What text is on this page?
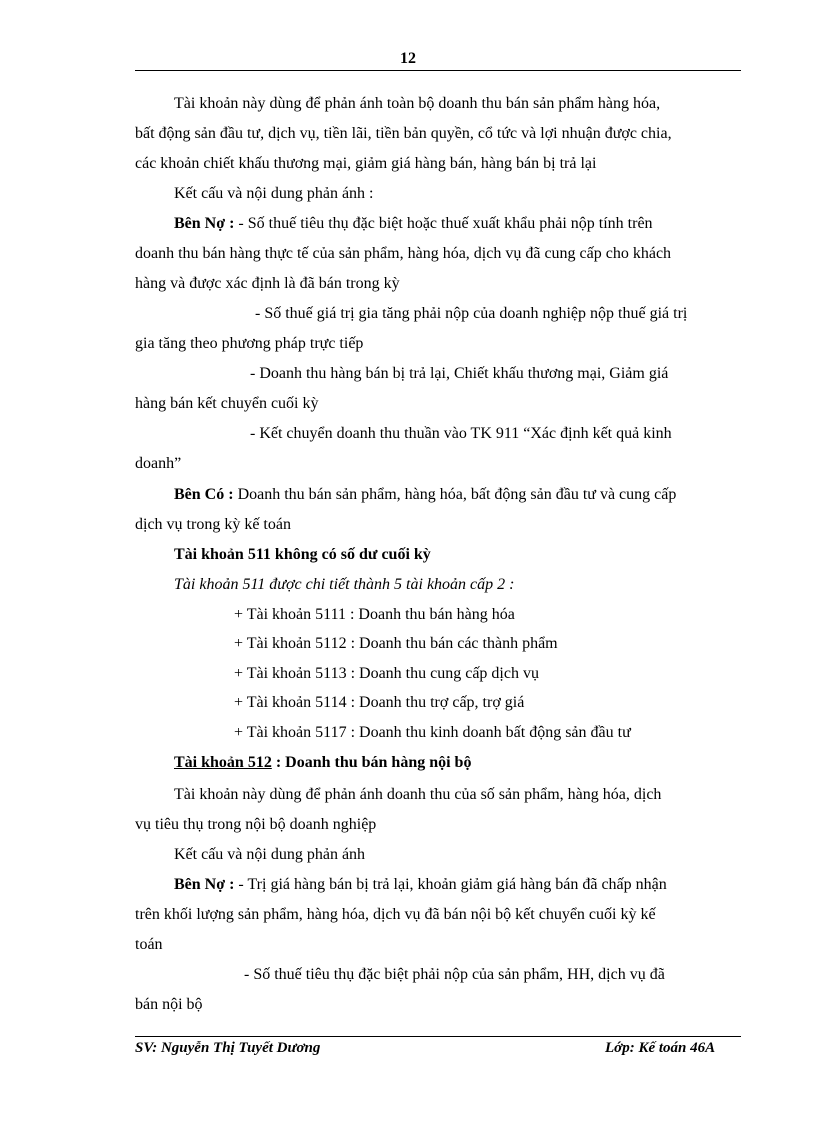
12
Tài khoản này dùng để phản ánh toàn bộ doanh thu bán sản phẩm hàng hóa,
bất động sản đầu tư, dịch vụ, tiền lãi, tiền bản quyền, cổ tức và lợi nhuận được chia,
các khoản chiết khấu thương mại, giảm giá hàng bán, hàng bán bị trả lại
Kết cấu và nội dung phản ánh :
Bên Nợ : - Số thuế tiêu thụ đặc biệt hoặc thuế xuất khẩu phải nộp tính trên
doanh thu bán hàng thực tế của sản phẩm, hàng hóa, dịch vụ đã cung cấp cho khách
hàng và được xác định là đã bán trong kỳ
- Số thuế giá trị gia tăng phải nộp của doanh nghiệp nộp thuế giá trị
gia tăng theo phương pháp trực tiếp
- Doanh thu hàng bán bị trả lại, Chiết khấu thương mại, Giảm giá
hàng bán kết chuyển cuối kỳ
- Kết chuyển doanh thu thuần vào TK 911 “Xác định kết quả kinh
doanh”
Bên Có : Doanh thu bán sản phẩm, hàng hóa, bất động sản đầu tư và cung cấp
dịch vụ trong kỳ kế toán
Tài khoản 511 không có số dư cuối kỳ
Tài khoản 511 được chi tiết thành 5 tài khoản cấp 2 :
+ Tài khoản 5111 : Doanh thu bán hàng hóa
+ Tài khoản 5112 : Doanh thu bán các thành phẩm
+ Tài khoản 5113 : Doanh thu cung cấp dịch vụ
+ Tài khoản 5114 : Doanh thu trợ cấp, trợ giá
+ Tài khoản 5117 : Doanh thu kinh doanh bất động sản đầu tư
Tài khoản 512 : Doanh thu bán hàng nội bộ
Tài khoản này dùng để phản ánh doanh thu của số sản phẩm, hàng hóa, dịch
vụ tiêu thụ trong nội bộ doanh nghiệp
Kết cấu và nội dung phản ánh
Bên Nợ : - Trị giá hàng bán bị trả lại, khoản giảm giá hàng bán đã chấp nhận
trên khối lượng sản phẩm, hàng hóa, dịch vụ đã bán nội bộ kết chuyển cuối kỳ kế
toán
- Số thuế tiêu thụ đặc biệt phải nộp của sản phẩm, HH, dịch vụ đã
bán nội bộ
SV: Nguyễn Thị Tuyết Dương	Lớp: Kế toán 46A
